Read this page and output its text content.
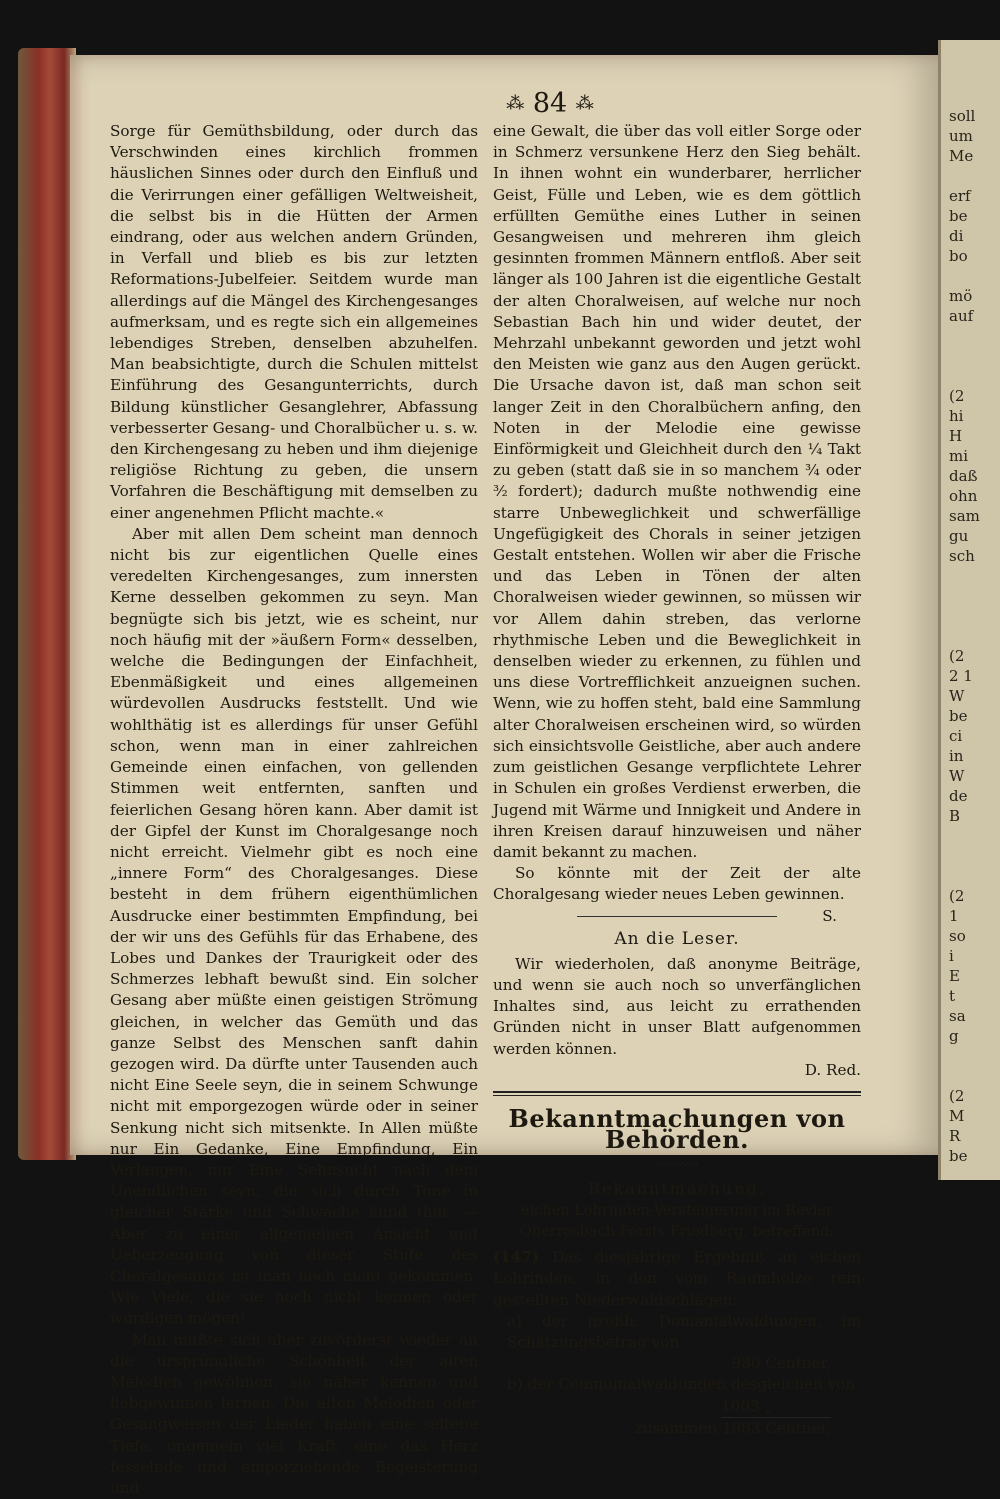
⁂ 84 ⁂

Sorge für Gemüthsbildung, oder durch das Verschwinden eines kirchlich frommen häuslichen Sinnes oder durch den Einfluß und die Verirrungen einer gefälligen Weltweisheit, die selbst bis in die Hütten der Armen eindrang, oder aus welchen andern Gründen, in Verfall und blieb es bis zur letzten Reformations-Jubelfeier. Seitdem wurde man allerdings auf die Mängel des Kirchengesanges aufmerksam, und es regte sich ein allgemeines lebendiges Streben, denselben abzuhelfen. Man beabsichtigte, durch die Schulen mittelst Einführung des Gesangunterrichts, durch Bildung künstlicher Gesanglehrer, Abfassung verbesserter Gesang- und Choralbücher u. s. w. den Kirchengesang zu heben und ihm diejenige religiöse Richtung zu geben, die unsern Vorfahren die Beschäftigung mit demselben zu einer angenehmen Pflicht machte.«

Aber mit allen Dem scheint man dennoch nicht bis zur eigentlichen Quelle eines veredelten Kirchengesanges, zum innersten Kerne desselben gekommen zu seyn. Man begnügte sich bis jetzt, wie es scheint, nur noch häufig mit der »äußern Form« desselben, welche die Bedingungen der Einfachheit, Ebenmäßigkeit und eines allgemeinen würdevollen Ausdrucks feststellt. Und wie wohlthätig ist es allerdings für unser Gefühl schon, wenn man in einer zahlreichen Gemeinde einen einfachen, von gellenden Stimmen weit entfernten, sanften und feierlichen Gesang hören kann. Aber damit ist der Gipfel der Kunst im Choralgesange noch nicht erreicht. Vielmehr gibt es noch eine „innere Form“ des Choralgesanges. Diese besteht in dem frühern eigenthümlichen Ausdrucke einer bestimmten Empfindung, bei der wir uns des Gefühls für das Erhabene, des Lobes und Dankes der Traurigkeit oder des Schmerzes lebhaft bewußt sind. Ein solcher Gesang aber müßte einen geistigen Strömung gleichen, in welcher das Gemüth und das ganze Selbst des Menschen sanft dahin gezogen wird. Da dürfte unter Tausenden auch nicht Eine Seele seyn, die in seinem Schwunge nicht mit emporgezogen würde oder in seiner Senkung nicht sich mitsenkte. In Allen müßte nur Ein Gedanke, Eine Empfindung, Ein Verlangen, nur Eine Sehnsucht nach dem Unendlichen seyn, die sich durch Töne in gleicher Stärke und Schwäche kund thut. — Aber zu einer allgemeinen Ansicht und Ueberzeugung von dieser Stufe des Choralgesangs ist man noch nicht gekommen. Wie Viele, die sie noch nicht kennen oder würdigen mögen!

Man müßte sich aber zuvörderst wieder an die ursprüngliche Schönheit der alten Melodien gewöhnen, sie näher kennen und liebgewinnen lernen. Die alten Melodien oder Gesangweisen der Lieder haben eine seltene Tiefe, ungemein viel Kraft, eine das Herz fesselnde und emporziehende Begeisterung und

eine Gewalt, die über das voll eitler Sorge oder in Schmerz versunkene Herz den Sieg behält. In ihnen wohnt ein wunderbarer, herrlicher Geist, Fülle und Leben, wie es dem göttlich erfüllten Gemüthe eines Luther in seinen Gesangweisen und mehreren ihm gleich gesinnten frommen Männern entfloß. Aber seit länger als 100 Jahren ist die eigentliche Gestalt der alten Choralweisen, auf welche nur noch Sebastian Bach hin und wider deutet, der Mehrzahl unbekannt geworden und jetzt wohl den Meisten wie ganz aus den Augen gerückt. Die Ursache davon ist, daß man schon seit langer Zeit in den Choralbüchern anfing, den Noten in der Melodie eine gewisse Einförmigkeit und Gleichheit durch den ¼ Takt zu geben (statt daß sie in so manchem ¾ oder ³⁄₂ fordert); dadurch mußte nothwendig eine starre Unbeweglichkeit und schwerfällige Ungefügigkeit des Chorals in seiner jetzigen Gestalt entstehen. Wollen wir aber die Frische und das Leben in Tönen der alten Choralweisen wieder gewinnen, so müssen wir vor Allem dahin streben, das verlorne rhythmische Leben und die Beweglichkeit in denselben wieder zu erkennen, zu fühlen und uns diese Vortrefflichkeit anzueignen suchen. Wenn, wie zu hoffen steht, bald eine Sammlung alter Choralweisen erscheinen wird, so würden sich einsichtsvolle Geistliche, aber auch andere zum geistlichen Gesange verpflichtete Lehrer in Schulen ein großes Verdienst erwerben, die Jugend mit Wärme und Innigkeit und Andere in ihren Kreisen darauf hinzuweisen und näher damit bekannt zu machen.

So könnte mit der Zeit der alte Choralgesang wieder neues Leben gewinnen.
S.

An die Leser.

Wir wiederholen, daß anonyme Beiträge, und wenn sie auch noch so unverfänglichen Inhaltes sind, aus leicht zu errathenden Gründen nicht in unser Blatt aufgenommen werden können.

D. Red.

Bekanntmachungen von Behörden.
〰〰〰〰
Bekanntmachung.
eichen Lohrinden-Versteigerung im Revier Oberrosbach Forsts Friedberg, betreffend:

(147) Das diesjährige Ergebniß an eichen Lohrinden, in den vom Raumholze rein gestellten Niederwaldschlägen:

a) der großh. Domanialwaldungen, im Schätzungsbetrag von
980 Centner,
b) der Communalwaldungen desgleichen von
1003 „
zusammen 1983 Centner,
soll
um
Me
erf
be
di
bo
mö
auf
(2
hi
H
mi
daß
ohn
sam
gu
sch
(2
2 1
W
be
ci
in
W
de
B
(2
1
so
i
E
t
sa
g
(2
M
R
be
